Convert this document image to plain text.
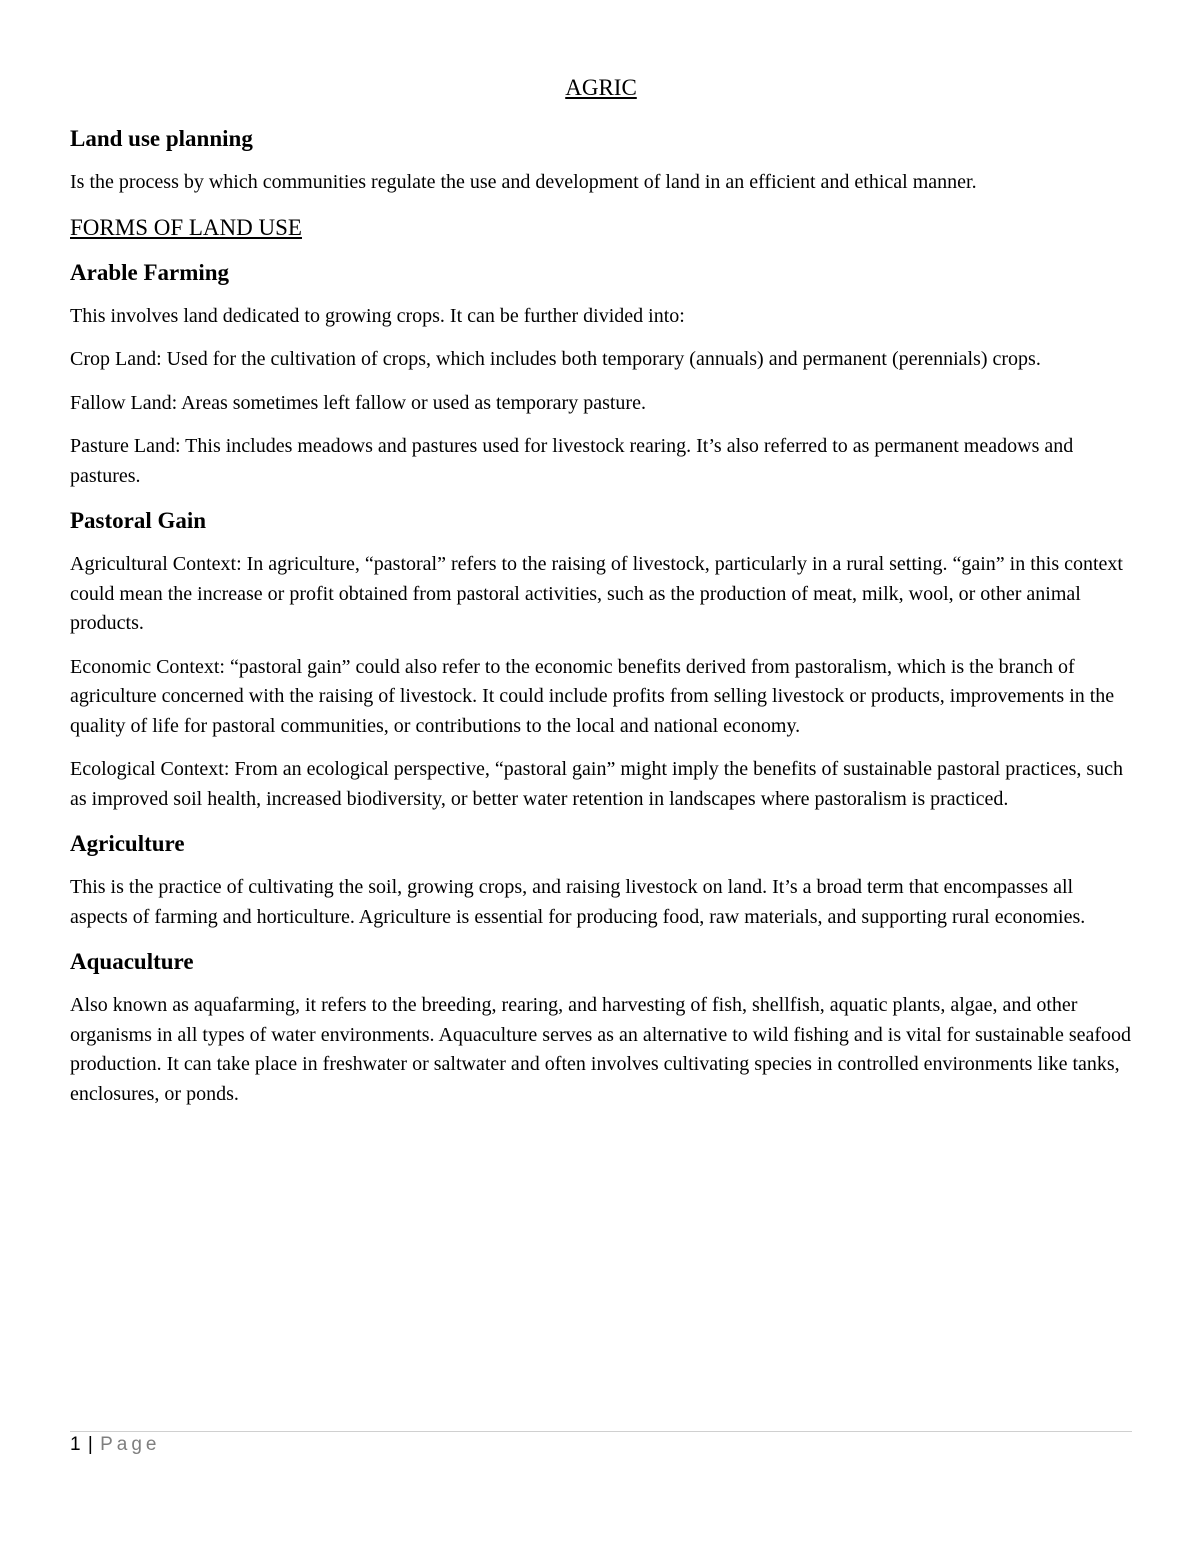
AGRIC
Land use planning
Is the process by which communities regulate the use and development of land in an efficient and ethical manner.
FORMS OF LAND USE
Arable Farming
This involves land dedicated to growing crops. It can be further divided into:
Crop Land: Used for the cultivation of crops, which includes both temporary (annuals) and permanent (perennials) crops.
Fallow Land: Areas sometimes left fallow or used as temporary pasture.
Pasture Land: This includes meadows and pastures used for livestock rearing. It’s also referred to as permanent meadows and pastures.
Pastoral Gain
Agricultural Context: In agriculture, “pastoral” refers to the raising of livestock, particularly in a rural setting. “gain” in this context could mean the increase or profit obtained from pastoral activities, such as the production of meat, milk, wool, or other animal products.
Economic Context: “pastoral gain” could also refer to the economic benefits derived from pastoralism, which is the branch of agriculture concerned with the raising of livestock. It could include profits from selling livestock or products, improvements in the quality of life for pastoral communities, or contributions to the local and national economy.
Ecological Context: From an ecological perspective, “pastoral gain” might imply the benefits of sustainable pastoral practices, such as improved soil health, increased biodiversity, or better water retention in landscapes where pastoralism is practiced.
Agriculture
This is the practice of cultivating the soil, growing crops, and raising livestock on land. It’s a broad term that encompasses all aspects of farming and horticulture. Agriculture is essential for producing food, raw materials, and supporting rural economies.
Aquaculture
Also known as aquafarming, it refers to the breeding, rearing, and harvesting of fish, shellfish, aquatic plants, algae, and other organisms in all types of water environments. Aquaculture serves as an alternative to wild fishing and is vital for sustainable seafood production. It can take place in freshwater or saltwater and often involves cultivating species in controlled environments like tanks, enclosures, or ponds.
1 | Page
